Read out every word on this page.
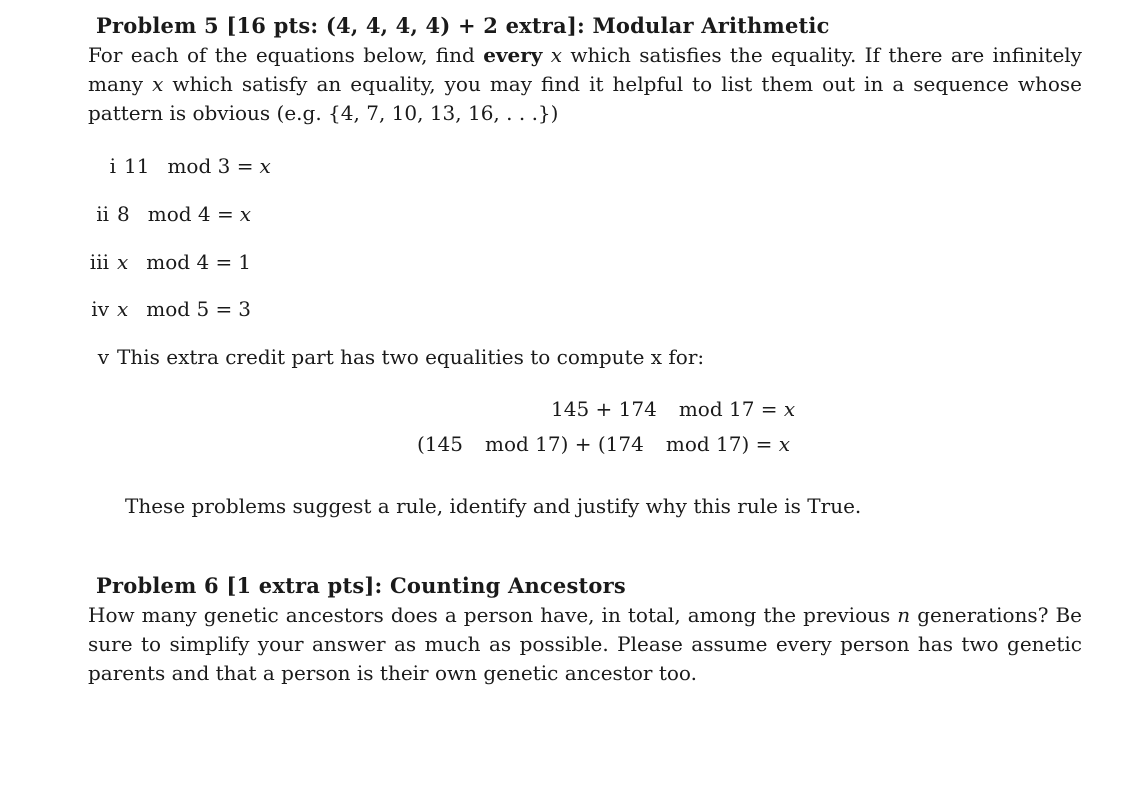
Problem 5 [16 pts: (4, 4, 4, 4) + 2 extra]: Modular Arithmetic
For each of the equations below, find every x which satisfies the equality. If there are infinitely
many x which satisfy an equality, you may find it helpful to list them out in a sequence whose
pattern is obvious (e.g. {4, 7, 10, 13, 16, . . .})
i 11 mod 3 = x
ii 8 mod 4 = x
iii x mod 4 = 1
iv x mod 5 = 3
v This extra credit part has two equalities to compute x for:
145 + 174 mod 17 = x
(145 mod 17) + (174 mod 17) = x
These problems suggest a rule, identify and justify why this rule is True.
Problem 6 [1 extra pts]: Counting Ancestors
How many genetic ancestors does a person have, in total, among the previous n generations? Be
sure to simplify your answer as much as possible. Please assume every person has two genetic
parents and that a person is their own genetic ancestor too.
